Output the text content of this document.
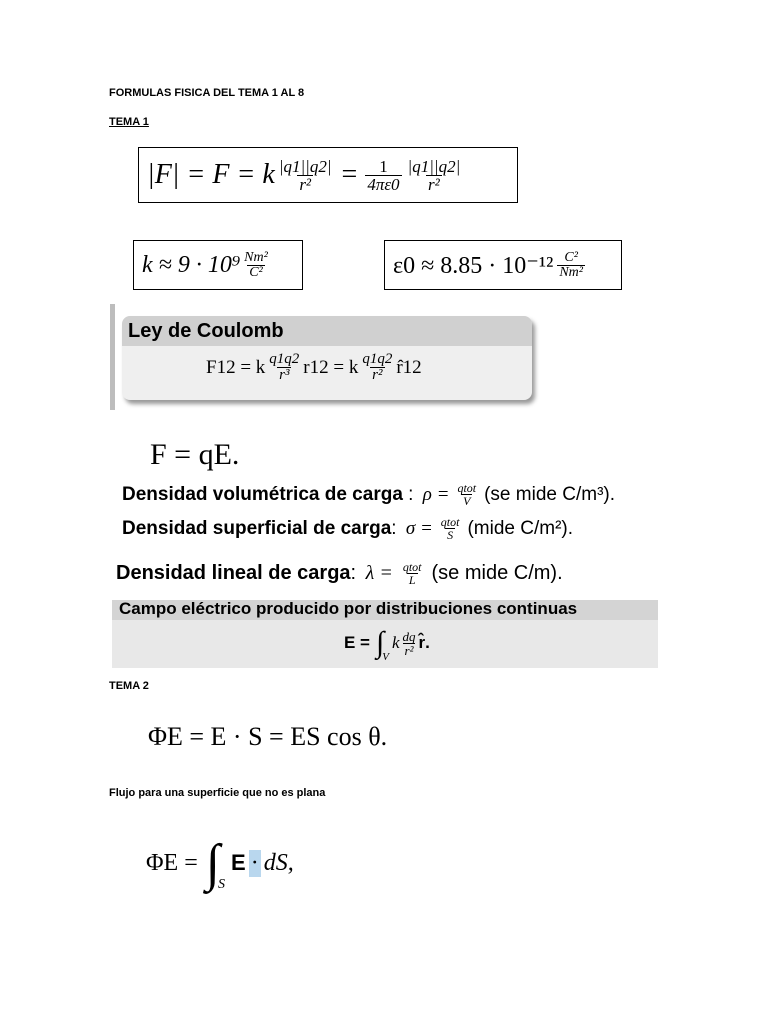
FORMULAS FISICA DEL TEMA 1 AL 8
TEMA 1
|F| = F = k $\frac{|q1||q2|}{\text{r²}} = \frac{1}{4\pi\varepsilon 0} \frac{|q1||q2|}{\text{r²}}$
$k \approx 9 \cdot 10^9 \frac{\text{Nm²}}{\text{C²}}$	$\varepsilon 0 \approx 8.85 \cdot 10^{-12} \frac{\text{C²}}{\text{Nm²}}$
Ley de Coulomb
F12 = k $\frac{q1q2}{\text{r³}} r12 = k \frac{q1q2}{\text{r²}}$ r̂12
F = qE.
Densidad volumétrica de carga : $\rho = \frac{\text{qtot}}{V} (se$ mide C/m³).
Densidad superficial de carga : $\sigma = \frac{\text{qtot}}{S}$ (mide C/m²).
Densidad lineal de carga : $\lambda = \frac{\text{qtot}}{L} (se$ mide C/m).
Campo eléctrico producido por distribuciones continuas
E = ∫
V
k $\frac{dq}{\text{r²}}$ r̂.
TEMA 2
ΦE = E · S = ES cos θ.
Flujo para una superficie que no es plana
ΦE = ∫
S
E · dS,
